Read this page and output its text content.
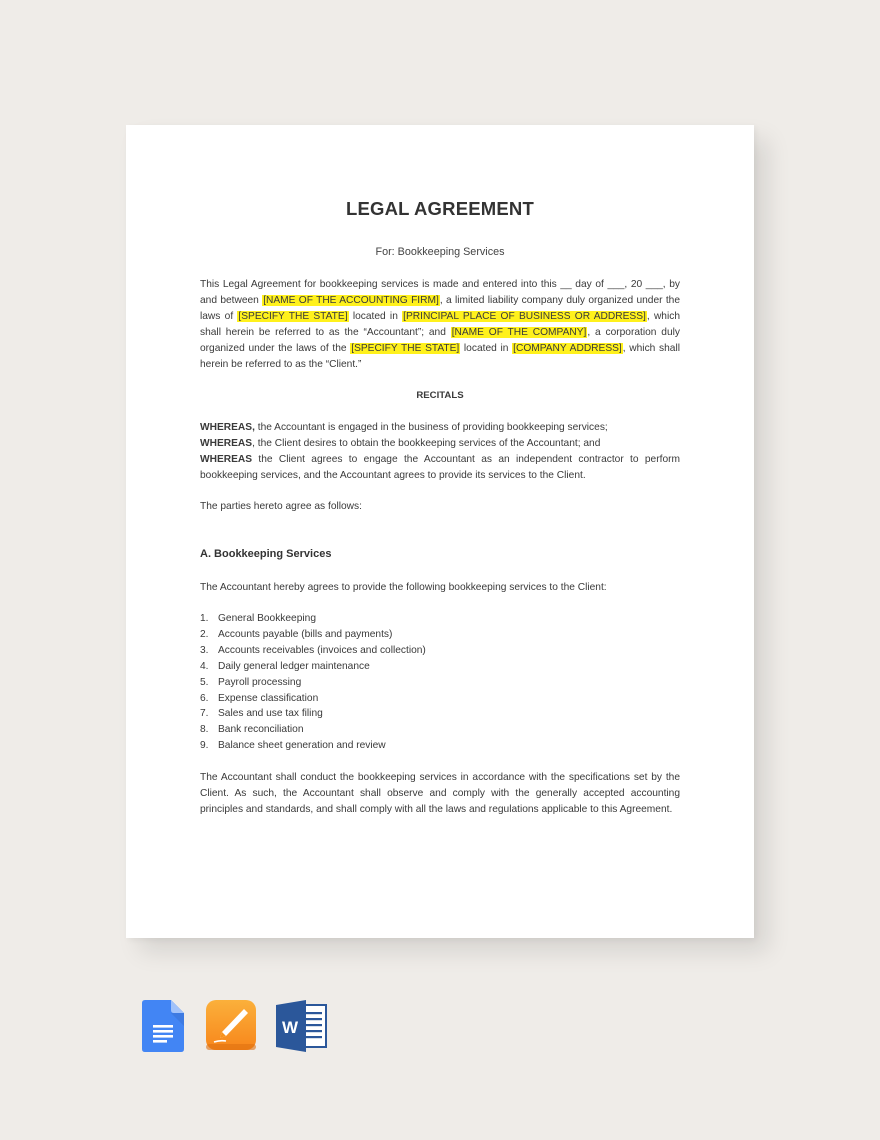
LEGAL AGREEMENT
For: Bookkeeping Services
This Legal Agreement for bookkeeping services is made and entered into this __ day of ___, 20 ___, by and between [NAME OF THE ACCOUNTING FIRM], a limited liability company duly organized under the laws of [SPECIFY THE STATE] located in [PRINCIPAL PLACE OF BUSINESS OR ADDRESS], which shall herein be referred to as the “Accountant”; and [NAME OF THE COMPANY], a corporation duly organized under the laws of the [SPECIFY THE STATE] located in [COMPANY ADDRESS], which shall herein be referred to as the “Client.”
RECITALS

WHEREAS, the Accountant is engaged in the business of providing bookkeeping services;

WHEREAS, the Client desires to obtain the bookkeeping services of the Accountant; and

WHEREAS the Client agrees to engage the Accountant as an independent contractor to perform bookkeeping services, and the Accountant agrees to provide its services to the Client.

The parties hereto agree as follows:
A. Bookkeeping Services
The Accountant hereby agrees to provide the following bookkeeping services to the Client:
1. General Bookkeeping
2. Accounts payable (bills and payments)
3. Accounts receivables (invoices and collection)
4. Daily general ledger maintenance
5. Payroll processing
6. Expense classification
7. Sales and use tax filing
8. Bank reconciliation
9. Balance sheet generation and review
The Accountant shall conduct the bookkeeping services in accordance with the specifications set by the Client. As such, the Accountant shall observe and comply with the generally accepted accounting principles and standards, and shall comply with all the laws and regulations applicable to this Agreement.
W
